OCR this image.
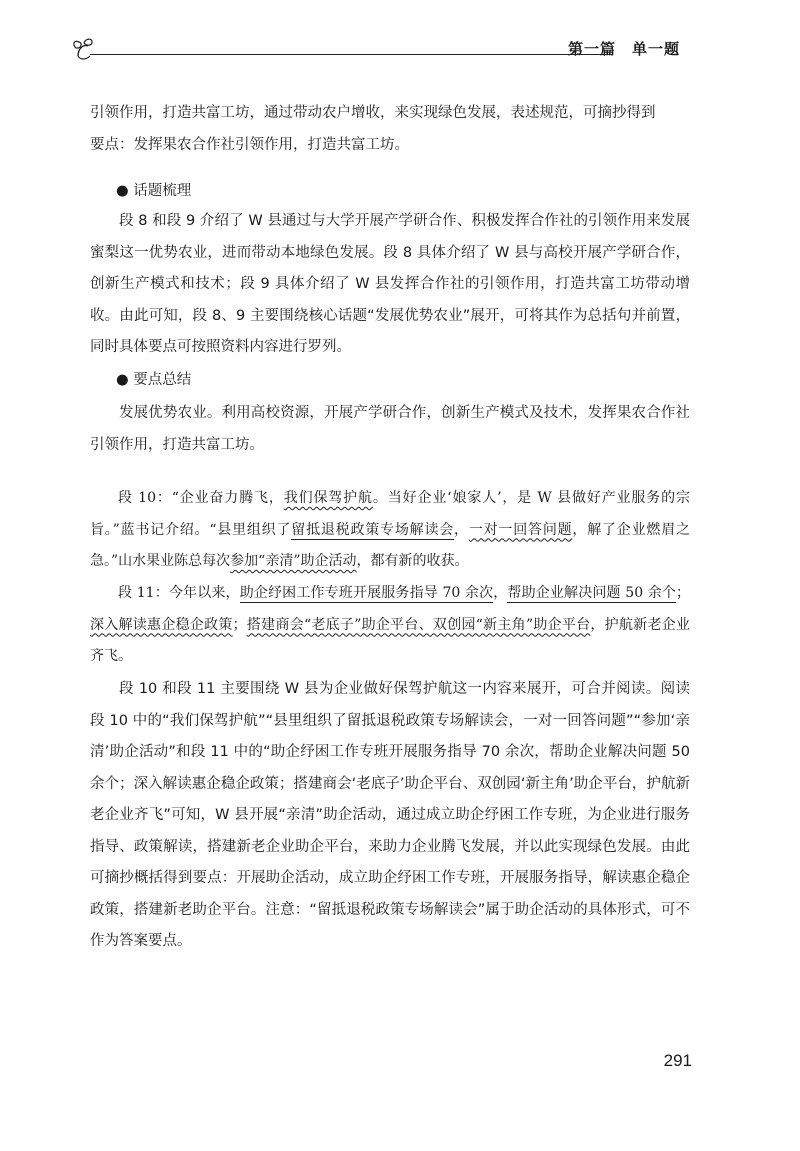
第一篇　单一题
引领作用，打造共富工坊，通过带动农户增收，来实现绿色发展，表述规范，可摘抄得到
要点：发挥果农合作社引领作用，打造共富工坊。
● 话题梳理
段 8 和段 9 介绍了 W 县通过与大学开展产学研合作、积极发挥合作社的引领作用来发展蜜梨这一优势农业，进而带动本地绿色发展。段 8 具体介绍了 W 县与高校开展产学研合作，创新生产模式和技术；段 9 具体介绍了 W 县发挥合作社的引领作用，打造共富工坊带动增收。由此可知，段 8、9 主要围绕核心话题“发展优势农业”展开，可将其作为总括句并前置，同时具体要点可按照资料内容进行罗列。
● 要点总结
发展优势农业。利用高校资源，开展产学研合作，创新生产模式及技术，发挥果农合作社引领作用，打造共富工坊。
段 10：“企业奋力腾飞，我们保驾护航。当好企业‘娘家人’，是 W 县做好产业服务的宗旨。”蓝书记介绍。“县里组织了留抵退税政策专场解读会，一对一回答问题，解了企业燃眉之急。”山水果业陈总每次参加“亲清”助企活动，都有新的收获。
段 11：今年以来，助企纾困工作专班开展服务指导 70 余次，帮助企业解决问题 50 余个；深入解读惠企稳企政策；搭建商会“老底子”助企平台、双创园“新主角”助企平台，护航新老企业齐飞。
段 10 和段 11 主要围绕 W 县为企业做好保驾护航这一内容来展开，可合并阅读。阅读段 10 中的“我们保驾护航”“县里组织了留抵退税政策专场解读会，一对一回答问题”“参加‘亲清’助企活动”和段 11 中的“助企纾困工作专班开展服务指导 70 余次，帮助企业解决问题 50 余个；深入解读惠企稳企政策；搭建商会‘老底子’助企平台、双创园‘新主角’助企平台，护航新老企业齐飞”可知，W 县开展“亲清”助企活动，通过成立助企纾困工作专班，为企业进行服务指导、政策解读，搭建新老企业助企平台，来助力企业腾飞发展，并以此实现绿色发展。由此可摘抄概括得到要点：开展助企活动，成立助企纾困工作专班，开展服务指导，解读惠企稳企政策，搭建新老助企平台。注意：“留抵退税政策专场解读会”属于助企活动的具体形式，可不作为答案要点。
291
